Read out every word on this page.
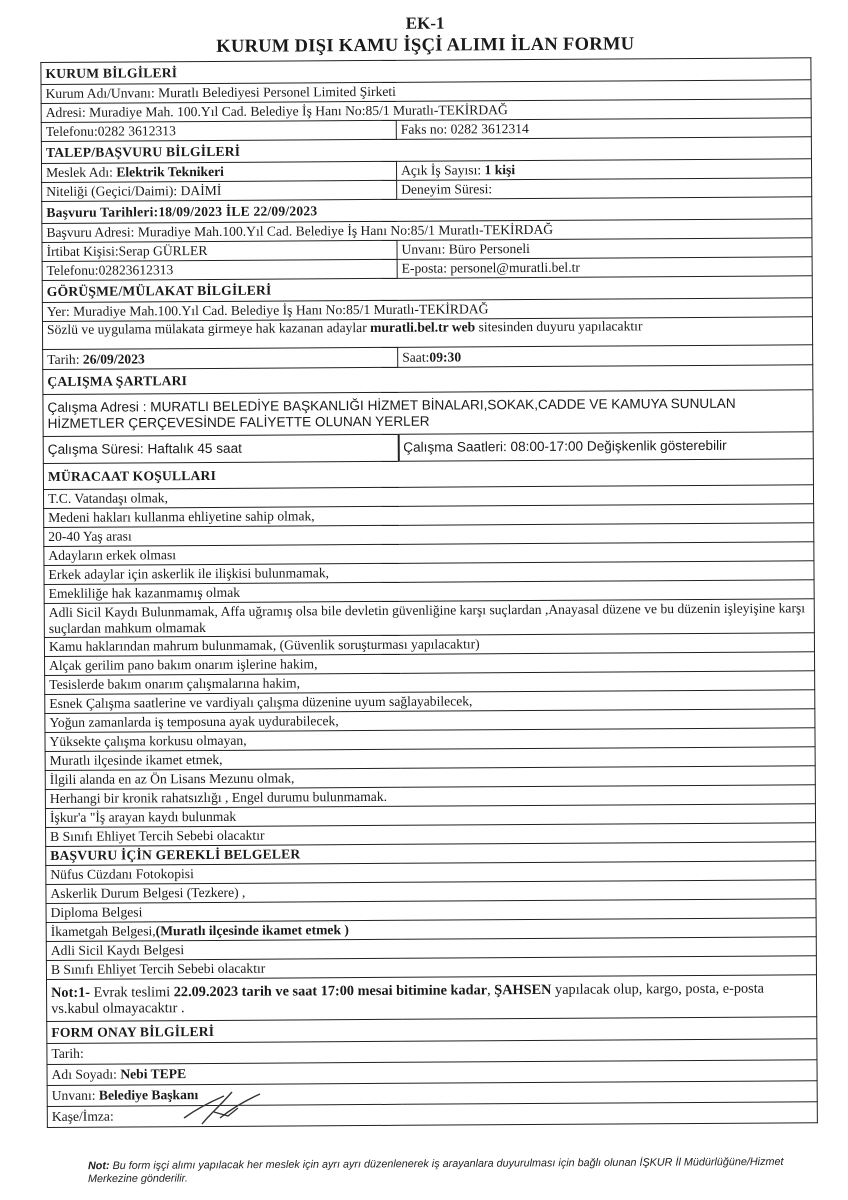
EK-1
KURUM DIŞI KAMU İŞÇİ ALIMI İLAN FORMU
KURUM BİLGİLERİ	
Kurum Adı/Unvanı: Muratlı Belediyesi Personel Limited Şirketi	
Adresi: Muradiye Mah. 100.Yıl Cad. Belediye İş Hanı No:85/1 Muratlı-TEKİRDAĞ	
Telefonu:0282 3612313	Faks no: 0282 3612314
TALEP/BAŞVURU BİLGİLERİ	
Meslek Adı: Elektrik Teknikeri	Açık İş Sayısı: 1 kişi
Niteliği (Geçici/Daimi): DAİMİ	Deneyim Süresi:
Başvuru Tarihleri:18/09/2023 İLE 22/09/2023	
Başvuru Adresi: Muradiye Mah.100.Yıl Cad. Belediye İş Hanı No:85/1 Muratlı-TEKİRDAĞ	
İrtibat Kişisi:Serap GÜRLER	Unvanı: Büro Personeli
Telefonu:02823612313	E-posta: personel@muratli.bel.tr
GÖRÜŞME/MÜLAKAT BİLGİLERİ	
Yer: Muradiye Mah.100.Yıl Cad. Belediye İş Hanı No:85/1 Muratlı-TEKİRDAĞ	
Sözlü ve uygulama mülakata girmeye hak kazanan adaylar muratli.bel.tr web sitesinden duyuru yapılacaktır	
Tarih: 26/09/2023	Saat:09:30
ÇALIŞMA ŞARTLARI	
Çalışma Adresi : MURATLI BELEDİYE BAŞKANLIĞI HİZMET BİNALARI,SOKAK,CADDE VE KAMUYA SUNULAN HİZMETLER ÇERÇEVESİNDE FALİYETTE OLUNAN YERLER	
Çalışma Süresi: Haftalık 45 saat	Çalışma Saatleri: 08:00-17:00 Değişkenlik gösterebilir
MÜRACAAT KOŞULLARI	
T.C. Vatandaşı olmak,	
Medeni hakları kullanma ehliyetine sahip olmak,	
20-40 Yaş arası	
Adayların erkek olması	
Erkek adaylar için askerlik ile ilişkisi bulunmamak,	
Emekliliğe hak kazanmamış olmak	
Adli Sicil Kaydı Bulunmamak, Affa uğramış olsa bile devletin güvenliğine karşı suçlardan ,Anayasal düzene ve bu düzenin işleyişine karşı suçlardan mahkum olmamak	
Kamu haklarından mahrum bulunmamak, (Güvenlik soruşturması yapılacaktır)	
Alçak gerilim pano bakım onarım işlerine hakim,	
Tesislerde bakım onarım çalışmalarına hakim,	
Esnek Çalışma saatlerine ve vardiyalı çalışma düzenine uyum sağlayabilecek,	
Yoğun zamanlarda iş temposuna ayak uydurabilecek,	
Yüksekte çalışma korkusu olmayan,	
Muratlı ilçesinde ikamet etmek,	
İlgili alanda en az Ön Lisans Mezunu olmak,	
Herhangi bir kronik rahatsızlığı , Engel durumu bulunmamak.	
İşkur'a "İş arayan kaydı bulunmak	
B Sınıfı Ehliyet Tercih Sebebi olacaktır	
BAŞVURU İÇİN GEREKLİ BELGELER	
Nüfus Cüzdanı Fotokopisi	
Askerlik Durum Belgesi (Tezkere) ,	
Diploma Belgesi	
İkametgah Belgesi,(Muratlı ilçesinde ikamet etmek )	
Adli Sicil Kaydı Belgesi	
B Sınıfı Ehliyet Tercih Sebebi olacaktır	
Not:1- Evrak teslimi 22.09.2023 tarih ve saat 17:00 mesai bitimine kadar, ŞAHSEN yapılacak olup, kargo, posta, e-posta vs.kabul olmayacaktır .	
FORM ONAY BİLGİLERİ	
Tarih:	
Adı Soyadı: Nebi TEPE	
Unvanı: Belediye Başkanı	
Kaşe/İmza:	
Not: Bu form işçi alımı yapılacak her meslek için ayrı ayrı düzenlenerek iş arayanlara duyurulması için bağlı olunan İŞKUR İl Müdürlüğüne/Hizmet Merkezine gönderilir.
